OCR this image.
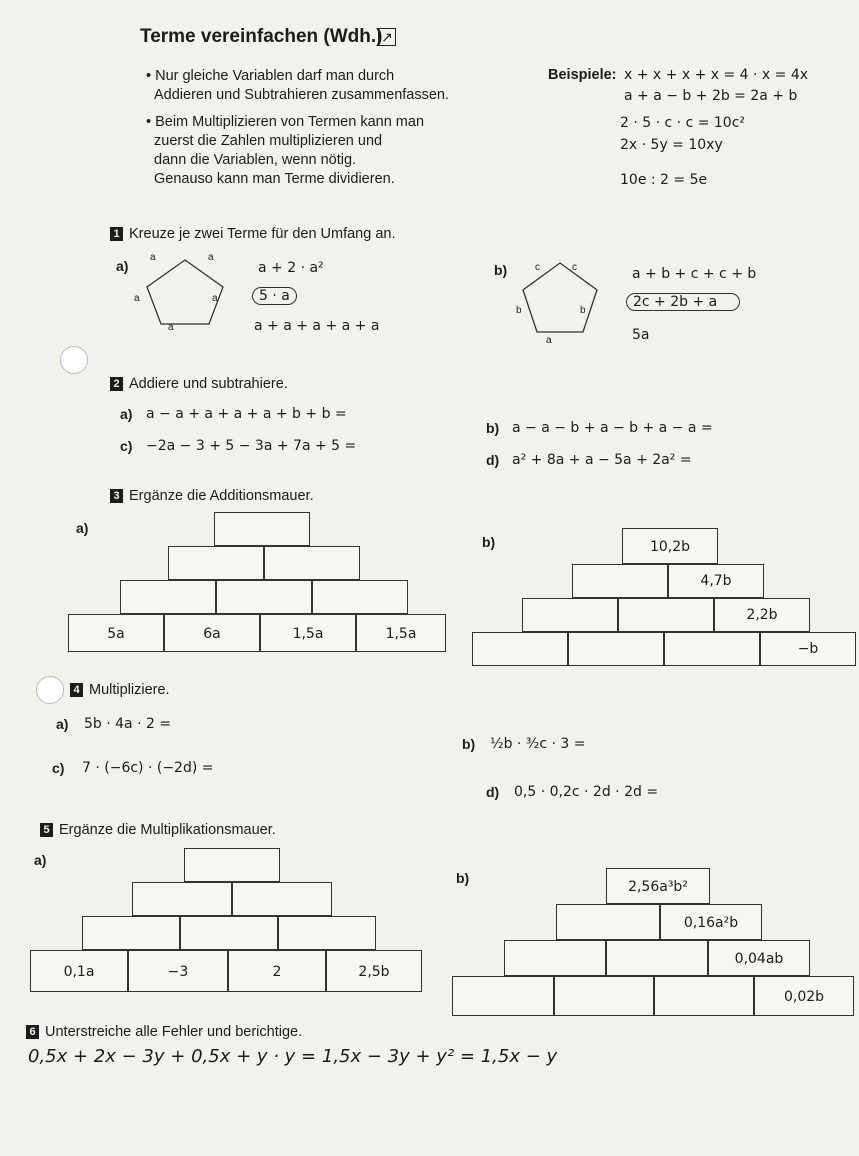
Terme vereinfachen (Wdh.)
↗
• Nur gleiche Variablen darf man durch
Addieren und Subtrahieren zusammenfassen.
• Beim Multiplizieren von Termen kann man
zuerst die Zahlen multiplizieren und
dann die Variablen, wenn nötig.
Genauso kann man Terme dividieren.
Beispiele: x + x + x + x = 4 · x = 4x
a + a − b + 2b = 2a + b
2 · 5 · c · c = 10c²
2x · 5y = 10xy
10e : 2 = 5e
1 Kreuze je zwei Terme für den Umfang an.
a)
a	a
a	a
a
a + 2 · a²
5 · a
a + a + a + a + a
b)	c	c
b	b
a
a + b + c + c + b
2c + 2b + a
5a
2 Addiere und subtrahiere.
a) a − a + a + a + a + b + b =
b) a − a − b + a − b + a − a =
c) −2a − 3 + 5 − 3a + 7a + 5 =
d) a² + 8a + a − 5a + 2a² =
3 Ergänze die Additionsmauer.
a)
5a	6a	1,5a	1,5a
b)	10,2b
4,7b
2,2b
−b
4 Multipliziere.
a) 5b · 4a · 2 =
b) ½b · ³⁄₂c · 3 =
c) 7 · (−6c) · (−2d) =
d) 0,5 · 0,2c · 2d · 2d =
5 Ergänze die Multiplikationsmauer.
a)
0,1a	−3	2	2,5b
b)
2,56a³b²
0,16a²b
0,04ab
0,02b
6 Unterstreiche alle Fehler und berichtige.
0,5x + 2x − 3y + 0,5x + y · y = 1,5x − 3y + y² = 1,5x − y
